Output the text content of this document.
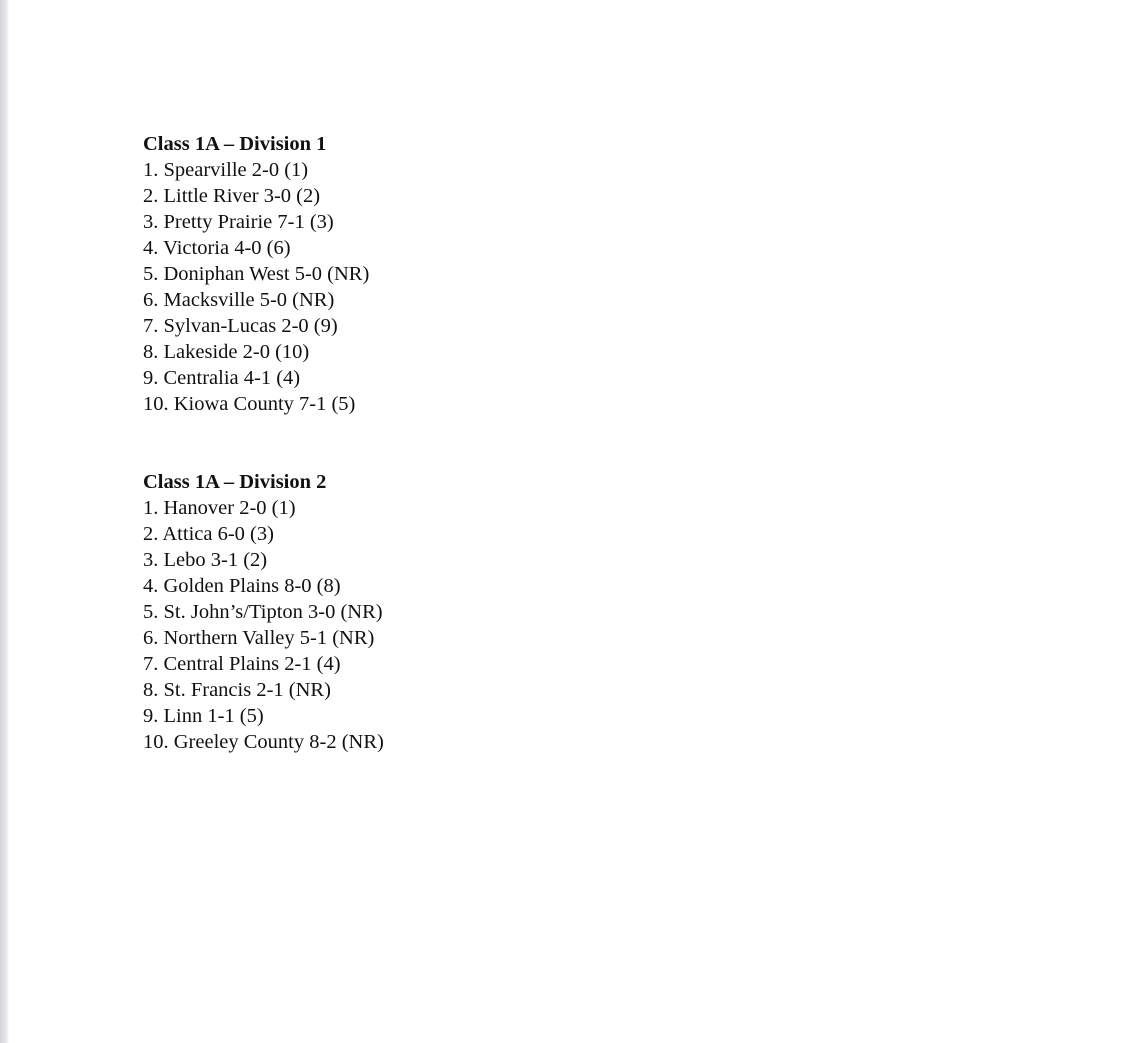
Class 1A – Division 1
1. Spearville 2-0 (1)
2. Little River 3-0 (2)
3. Pretty Prairie 7-1 (3)
4. Victoria 4-0 (6)
5. Doniphan West 5-0 (NR)
6. Macksville 5-0 (NR)
7. Sylvan-Lucas 2-0 (9)
8. Lakeside 2-0 (10)
9. Centralia 4-1 (4)
10. Kiowa County 7-1 (5)
Class 1A – Division 2
1. Hanover 2-0 (1)
2. Attica 6-0 (3)
3. Lebo 3-1 (2)
4. Golden Plains 8-0 (8)
5. St. John’s/Tipton 3-0 (NR)
6. Northern Valley 5-1 (NR)
7. Central Plains 2-1 (4)
8. St. Francis 2-1 (NR)
9. Linn 1-1 (5)
10. Greeley County 8-2 (NR)
